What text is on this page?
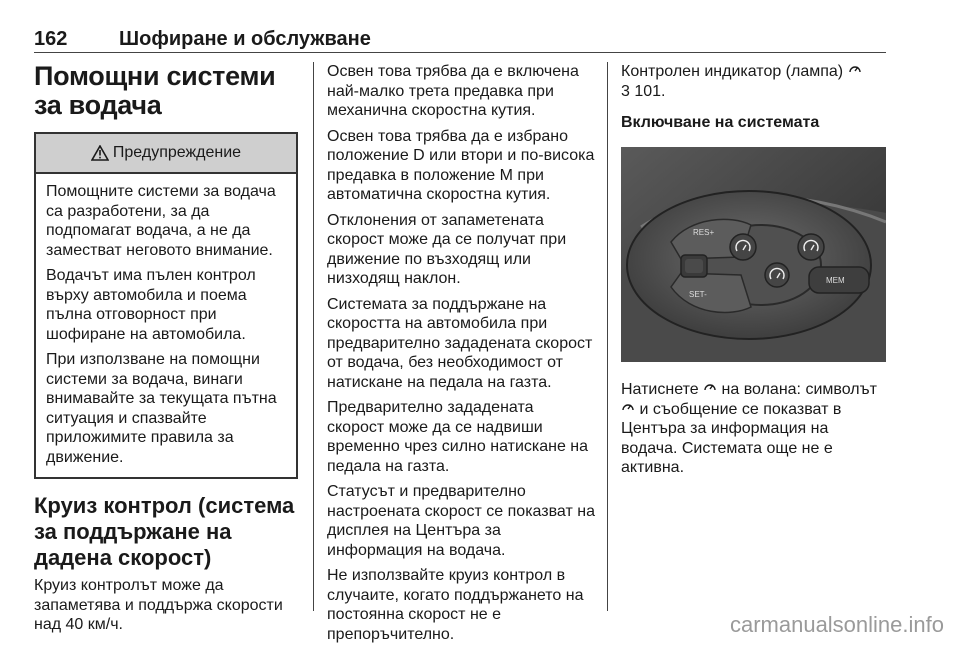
162	Шофиране и обслужване
Помощни системи за водача
Предупреждение

Помощните системи за водача са разработени, за да подпомагат водача, а не да заместват неговото внимание.

Водачът има пълен контрол върху автомобила и поема пълна отговорност при шофиране на автомобила.

При използване на помощни системи за водача, винаги внимавайте за текущата пътна ситуация и спазвайте приложимите правила за движение.

Круиз контрол (система за поддържане на дадена скорост)

Круиз контролът може да запаметява и поддържа скорости над 40 км/ч.

Освен това трябва да е включена най-малко трета предавка при механична скоростна кутия.

Освен това трябва да е избрано положение D или втори и по-висока предавка в положение M при автоматична скоростна кутия.

Отклонения от запаметената скорост може да се получат при движение по възходящ или низходящ наклон.

Системата за поддържане на скоростта на автомобила при предварително зададената скорост от водача, без необходимост от натискане на педала на газта.

Предварително зададената скорост може да се надвиши временно чрез силно натискане на педала на газта.

Статусът и предварително настроената скорост се показват на дисплея на Центъра за информация на водача.

Не използвайте круиз контрол в случаите, когато поддържането на постоянна скорост не е препоръчително.

Контролен индикатор (лампа)
3 101.

Включване на системата
RES+
SET-
MEM

Натиснете на волана: символът
и съобщение се показват в Центъра за информация на водача. Системата още не е активна.

carmanualsonline.info
